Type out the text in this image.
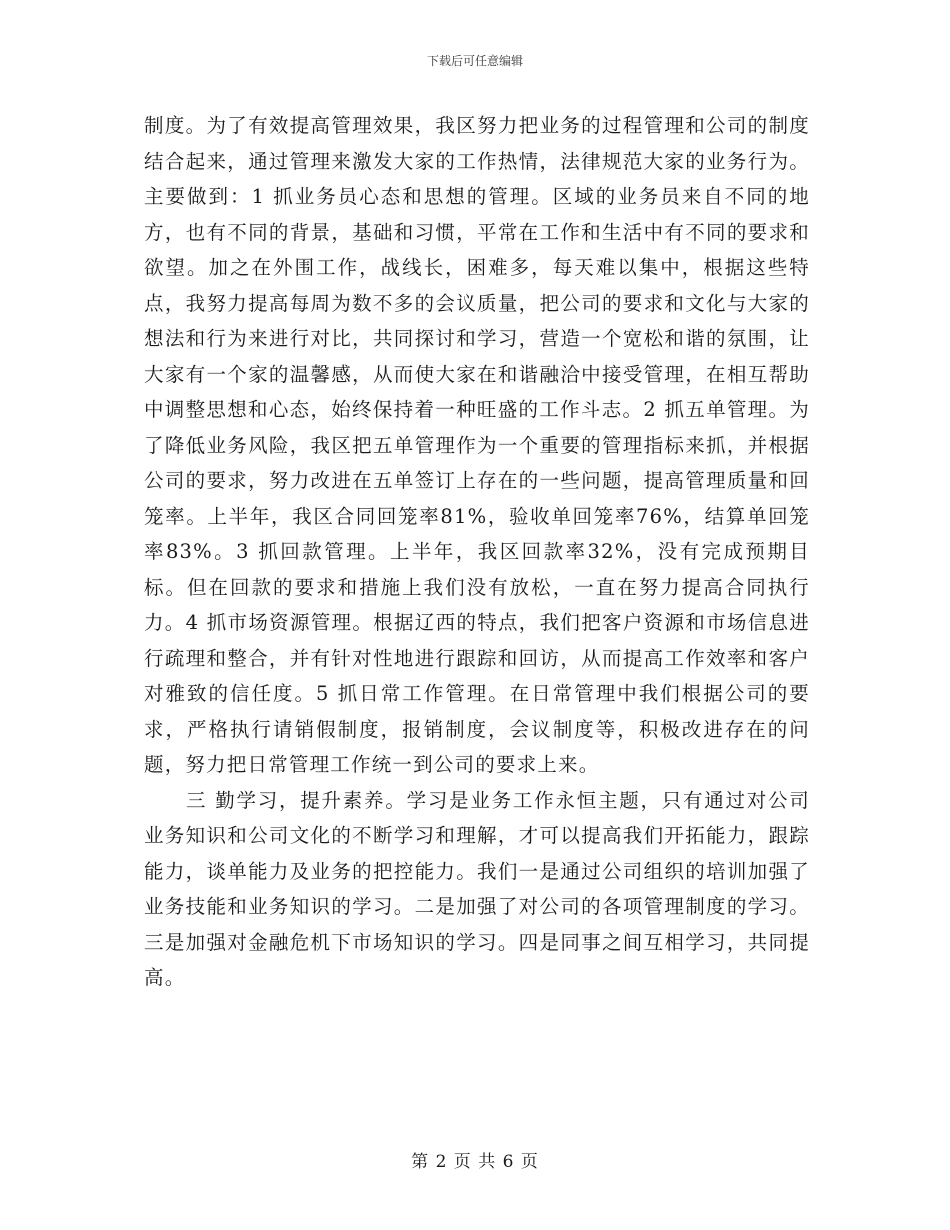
下载后可任意编辑

制度。为了有效提高管理效果，我区努力把业务的过程管理和公司的制度结合起来，通过管理来激发大家的工作热情，法律规范大家的业务行为。主要做到：1 抓业务员心态和思想的管理。区域的业务员来自不同的地方，也有不同的背景，基础和习惯，平常在工作和生活中有不同的要求和欲望。加之在外围工作，战线长，困难多，每天难以集中，根据这些特点，我努力提高每周为数不多的会议质量，把公司的要求和文化与大家的想法和行为来进行对比，共同探讨和学习，营造一个宽松和谐的氛围，让大家有一个家的温馨感，从而使大家在和谐融洽中接受管理，在相互帮助中调整思想和心态，始终保持着一种旺盛的工作斗志。2 抓五单管理。为了降低业务风险，我区把五单管理作为一个重要的管理指标来抓，并根据公司的要求，努力改进在五单签订上存在的一些问题，提高管理质量和回笼率。上半年，我区合同回笼率81%，验收单回笼率76%，结算单回笼率83%。3 抓回款管理。上半年，我区回款率32%，没有完成预期目标。但在回款的要求和措施上我们没有放松，一直在努力提高合同执行力。4 抓市场资源管理。根据辽西的特点，我们把客户资源和市场信息进行疏理和整合，并有针对性地进行跟踪和回访，从而提高工作效率和客户对雅致的信任度。5 抓日常工作管理。在日常管理中我们根据公司的要求，严格执行请销假制度，报销制度，会议制度等，积极改进存在的问题，努力把日常管理工作统一到公司的要求上来。

三 勤学习，提升素养。学习是业务工作永恒主题，只有通过对公司业务知识和公司文化的不断学习和理解，才可以提高我们开拓能力，跟踪能力，谈单能力及业务的把控能力。我们一是通过公司组织的培训加强了业务技能和业务知识的学习。二是加强了对公司的各项管理制度的学习。三是加强对金融危机下市场知识的学习。四是同事之间互相学习，共同提高。

第 2 页 共 6 页
